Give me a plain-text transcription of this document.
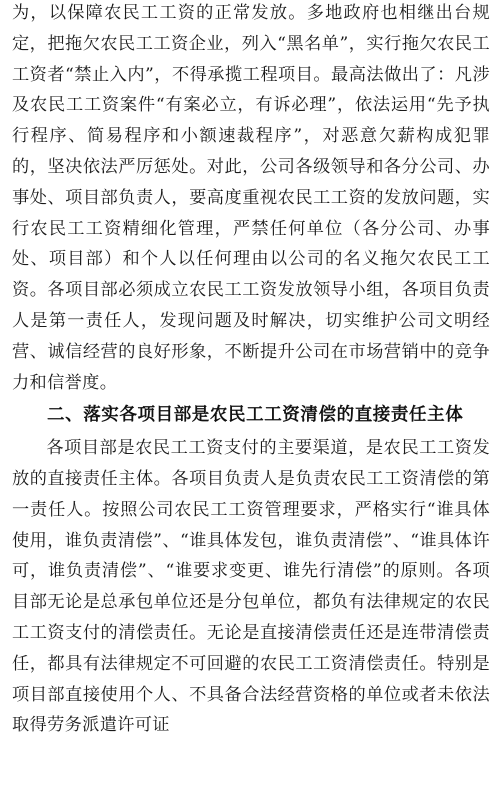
为，以保障农民工工资的正常发放。多地政府也相继出台规定，把拖欠农民工工资企业，列入“黑名单”，实行拖欠农民工工资者“禁止入内”，不得承揽工程项目。最高法做出了：凡涉及农民工工资案件“有案必立，有诉必理”，依法运用“先予执行程序、简易程序和小额速裁程序”，对恶意欠薪构成犯罪的，坚决依法严厉惩处。对此，公司各级领导和各分公司、办事处、项目部负责人，要高度重视农民工工资的发放问题，实行农民工工资精细化管理，严禁任何单位（各分公司、办事处、项目部）和个人以任何理由以公司的名义拖欠农民工工资。各项目部必须成立农民工工资发放领导小组，各项目负责人是第一责任人，发现问题及时解决，切实维护公司文明经营、诚信经营的良好形象，不断提升公司在市场营销中的竞争力和信誉度。

二、落实各项目部是农民工工资清偿的直接责任主体

各项目部是农民工工资支付的主要渠道，是农民工工资发放的直接责任主体。各项目负责人是负责农民工工资清偿的第一责任人。按照公司农民工工资管理要求，严格实行“谁具体使用，谁负责清偿”、“谁具体发包，谁负责清偿”、“谁具体许可，谁负责清偿”、“谁要求变更、谁先行清偿”的原则。各项目部无论是总承包单位还是分包单位，都负有法律规定的农民工工资支付的清偿责任。无论是直接清偿责任还是连带清偿责任，都具有法律规定不可回避的农民工工资清偿责任。特别是项目部直接使用个人、不具备合法经营资格的单位或者未依法取得劳务派遣许可证
